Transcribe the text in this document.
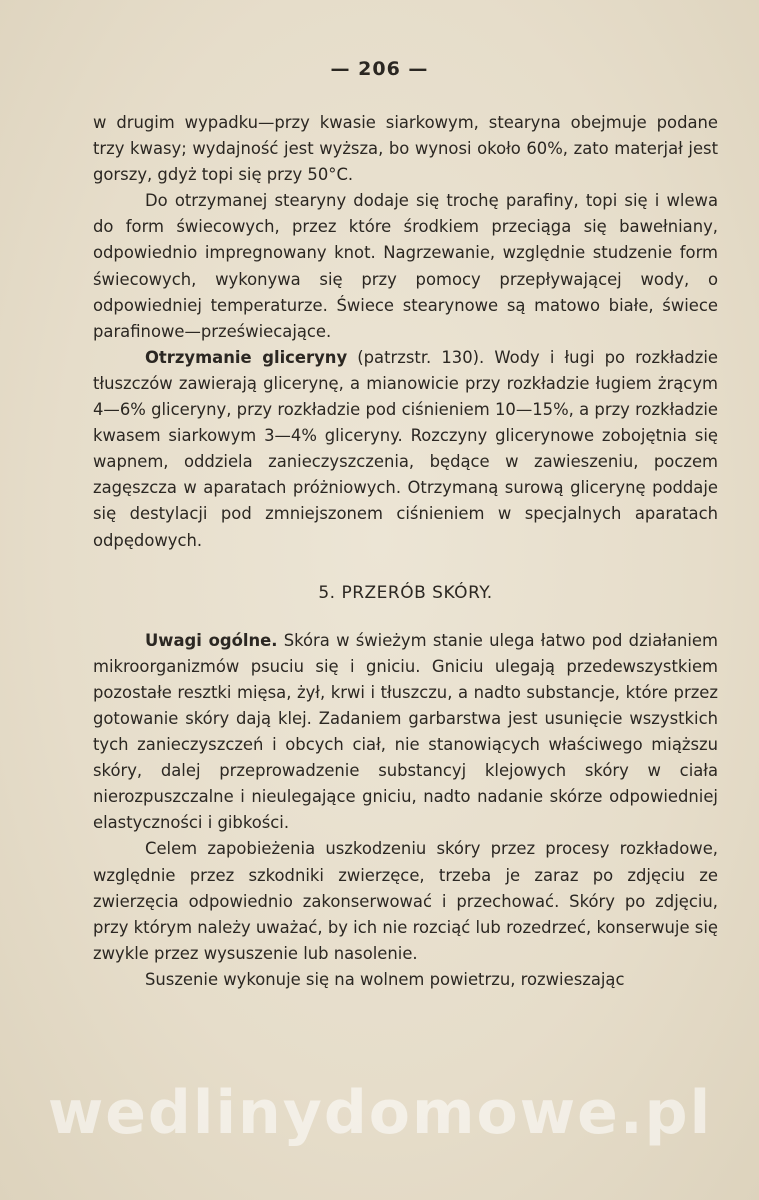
— 206 —

w drugim wypadku—przy kwasie siarkowym, stearyna obejmuje podane trzy kwasy; wydajność jest wyższa, bo wynosi około 60%, zato materjał jest gorszy, gdyż topi się przy 50°C.

Do otrzymanej stearyny dodaje się trochę parafiny, topi się i wlewa do form świecowych, przez które środkiem przeciąga się bawełniany, odpowiednio impregnowany knot. Nagrzewanie, względnie studzenie form świecowych, wykonywa się przy pomocy przepływającej wody, o odpowiedniej temperaturze. Świece stearynowe są matowo białe, świece parafinowe—przeświecające.

Otrzymanie gliceryny (patrzstr. 130). Wody i ługi po rozkładzie tłuszczów zawierają glicerynę, a mianowicie przy rozkładzie ługiem żrącym 4—6% gliceryny, przy rozkładzie pod ciśnieniem 10—15%, a przy rozkładzie kwasem siarkowym 3—4% gliceryny. Rozczyny glicerynowe zobojętnia się wapnem, oddziela zanieczyszczenia, będące w zawieszeniu, poczem zagęszcza w aparatach próżniowych. Otrzymaną surową glicerynę poddaje się destylacji pod zmniejszonem ciśnieniem w specjalnych aparatach odpędowych.

5. PRZERÓB SKÓRY.

Uwagi ogólne. Skóra w świeżym stanie ulega łatwo pod działaniem mikroorganizmów psuciu się i gniciu. Gniciu ulegają przedewszystkiem pozostałe resztki mięsa, żył, krwi i tłuszczu, a nadto substancje, które przez gotowanie skóry dają klej. Zadaniem garbarstwa jest usunięcie wszystkich tych zanieczyszczeń i obcych ciał, nie stanowiących właściwego miąższu skóry, dalej przeprowadzenie substancyj klejowych skóry w ciała nierozpuszczalne i nieulegające gniciu, nadto nadanie skórze odpowiedniej elastyczności i gibkości.

Celem zapobieżenia uszkodzeniu skóry przez procesy rozkładowe, względnie przez szkodniki zwierzęce, trzeba je zaraz po zdjęciu ze zwierzęcia odpowiednio zakonserwować i przechować. Skóry po zdjęciu, przy którym należy uważać, by ich nie rozciąć lub rozedrzeć, konserwuje się zwykle przez wysuszenie lub nasolenie.

Suszenie wykonuje się na wolnem powietrzu, rozwieszając

wedlinydomowe.pl
